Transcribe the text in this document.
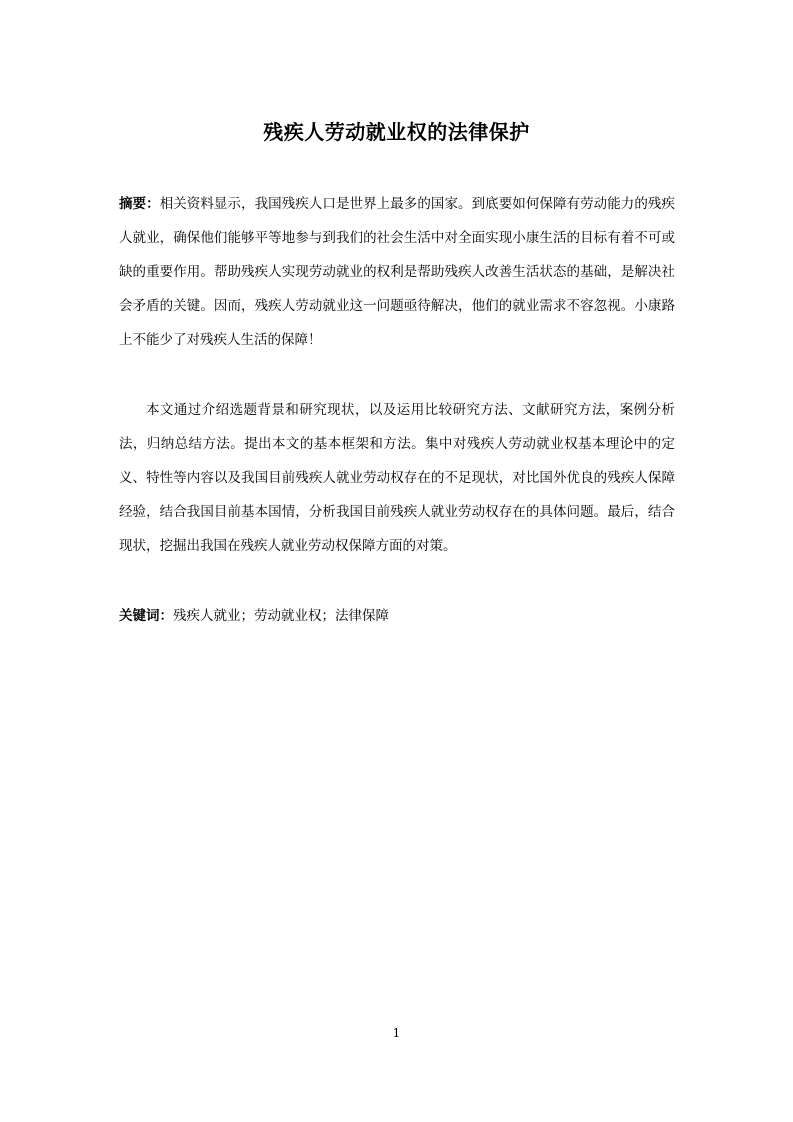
残疾人劳动就业权的法律保护

摘要：相关资料显示，我国残疾人口是世界上最多的国家。到底要如何保障有劳动能力的残疾人就业，确保他们能够平等地参与到我们的社会生活中对全面实现小康生活的目标有着不可或缺的重要作用。帮助残疾人实现劳动就业的权利是帮助残疾人改善生活状态的基础，是解决社会矛盾的关键。因而，残疾人劳动就业这一问题亟待解决，他们的就业需求不容忽视。小康路上不能少了对残疾人生活的保障！

本文通过介绍选题背景和研究现状，以及运用比较研究方法、文献研究方法，案例分析法，归纳总结方法。提出本文的基本框架和方法。集中对残疾人劳动就业权基本理论中的定义、特性等内容以及我国目前残疾人就业劳动权存在的不足现状，对比国外优良的残疾人保障经验，结合我国目前基本国情，分析我国目前残疾人就业劳动权存在的具体问题。最后，结合现状，挖掘出我国在残疾人就业劳动权保障方面的对策。

关键词：残疾人就业；劳动就业权；法律保障

1
